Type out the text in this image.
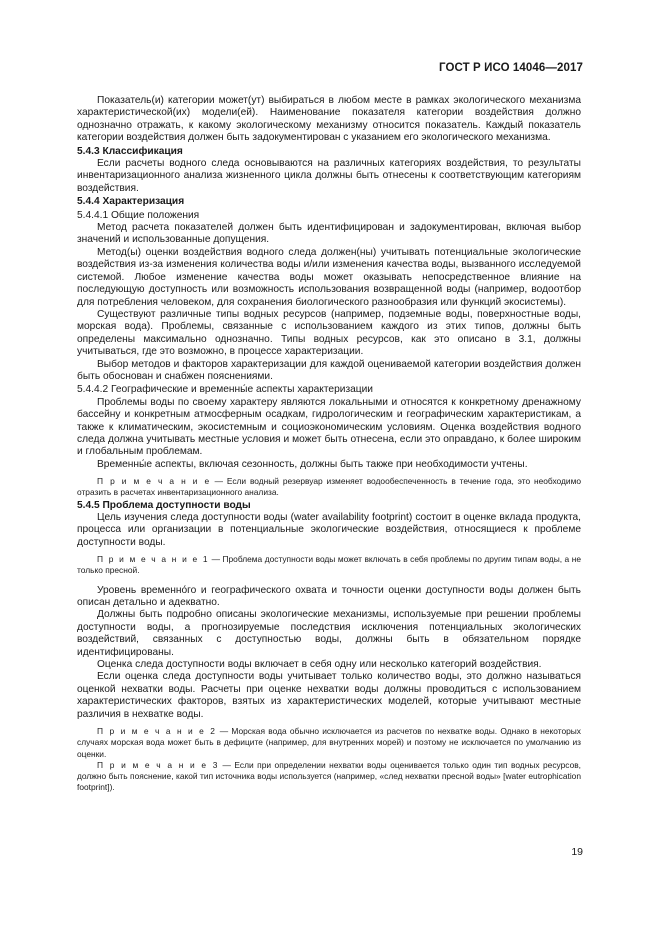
ГОСТ Р ИСО 14046—2017

Показатель(и) категории может(ут) выбираться в любом месте в рамках экологического механизма характеристической(их) модели(ей). Наименование показателя категории воздействия должно однозначно отражать, к какому экологическому механизму относится показатель. Каждый показатель категории воздействия должен быть задокументирован с указанием его экологического механизма.

5.4.3 Классификация

Если расчеты водного следа основываются на различных категориях воздействия, то результаты инвентаризационного анализа жизненного цикла должны быть отнесены к соответствующим категориям воздействия.

5.4.4 Характеризация

5.4.4.1 Общие положения

Метод расчета показателей должен быть идентифицирован и задокументирован, включая выбор значений и использованные допущения.

Метод(ы) оценки воздействия водного следа должен(ны) учитывать потенциальные экологические воздействия из-за изменения количества воды и/или изменения качества воды, вызванного исследуемой системой. Любое изменение качества воды может оказывать непосредственное влияние на последующую доступность или возможность использования возвращенной воды (например, водоотбор для потребления человеком, для сохранения биологического разнообразия или функций экосистемы).

Существуют различные типы водных ресурсов (например, подземные воды, поверхностные воды, морская вода). Проблемы, связанные с использованием каждого из этих типов, должны быть определены максимально однозначно. Типы водных ресурсов, как это описано в 3.1, должны учитываться, где это возможно, в процессе характеризации.

Выбор методов и факторов характеризации для каждой оцениваемой категории воздействия должен быть обоснован и снабжен пояснениями.

5.4.4.2 Географические и временны́е аспекты характеризации

Проблемы воды по своему характеру являются локальными и относятся к конкретному дренажному бассейну и конкретным атмосферным осадкам, гидрологическим и географическим характеристикам, а также к климатическим, экосистемным и социоэкономическим условиям. Оценка воздействия водного следа должна учитывать местные условия и может быть отнесена, если это оправдано, к более широким и глобальным проблемам.

Временны́е аспекты, включая сезонность, должны быть также при необходимости учтены.

П р и м е ч а н и е — Если водный резервуар изменяет водообеспеченность в течение года, это необходимо отразить в расчетах инвентаризационного анализа.

5.4.5 Проблема доступности воды

Цель изучения следа доступности воды (water availability footprint) состоит в оценке вклада продукта, процесса или организации в потенциальные экологические воздействия, относящиеся к проблеме доступности воды.

П р и м е ч а н и е 1 — Проблема доступности воды может включать в себя проблемы по другим типам воды, а не только пресной.

Уровень временно́го и географического охвата и точности оценки доступности воды должен быть описан детально и адекватно.

Должны быть подробно описаны экологические механизмы, используемые при решении проблемы доступности воды, а прогнозируемые последствия исключения потенциальных экологических воздействий, связанных с доступностью воды, должны быть в обязательном порядке идентифицированы.

Оценка следа доступности воды включает в себя одну или несколько категорий воздействия.

Если оценка следа доступности воды учитывает только количество воды, это должно называться оценкой нехватки воды. Расчеты при оценке нехватки воды должны проводиться с использованием характеристических факторов, взятых из характеристических моделей, которые учитывают местные различия в нехватке воды.

П р и м е ч а н и е 2 — Морская вода обычно исключается из расчетов по нехватке воды. Однако в некоторых случаях морская вода может быть в дефиците (например, для внутренних морей) и поэтому не исключается по умолчанию из оценки.

П р и м е ч а н и е 3 — Если при определении нехватки воды оценивается только один тип водных ресурсов, должно быть пояснение, какой тип источника воды используется (например, «след нехватки пресной воды» [water eutrophication footprint]).

19
